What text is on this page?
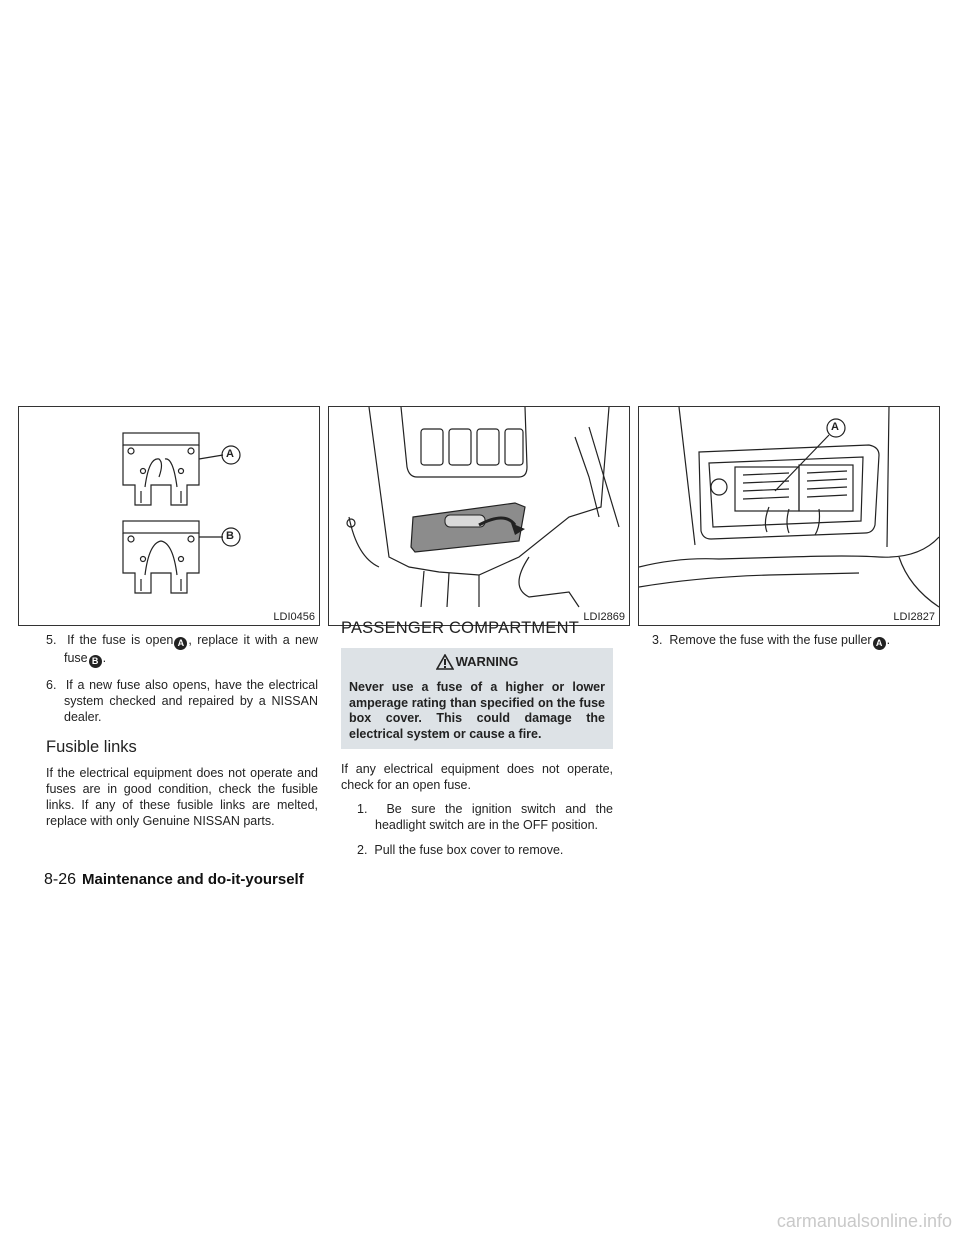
A
B
LDI0456	LDI2869
A
LDI2827

5. If the fuse is open A , replace it with a new fuse B .

6. If a new fuse also opens, have the electrical system checked and repaired by a NISSAN dealer.

Fusible links

If the electrical equipment does not operate and fuses are in good condition, check the fusible links. If any of these fusible links are melted, replace with only Genuine NISSAN parts.

PASSENGER COMPARTMENT
WARNING
Never use a fuse of a higher or lower amperage rating than specified on the fuse box cover. This could damage the electrical system or cause a fire.

If any electrical equipment does not operate, check for an open fuse.

1. Be sure the ignition switch and the headlight switch are in the OFF position.

2. Pull the fuse box cover to remove.

3. Remove the fuse with the fuse puller A .

8-26 Maintenance and do-it-yourself
carmanualsonline.info
